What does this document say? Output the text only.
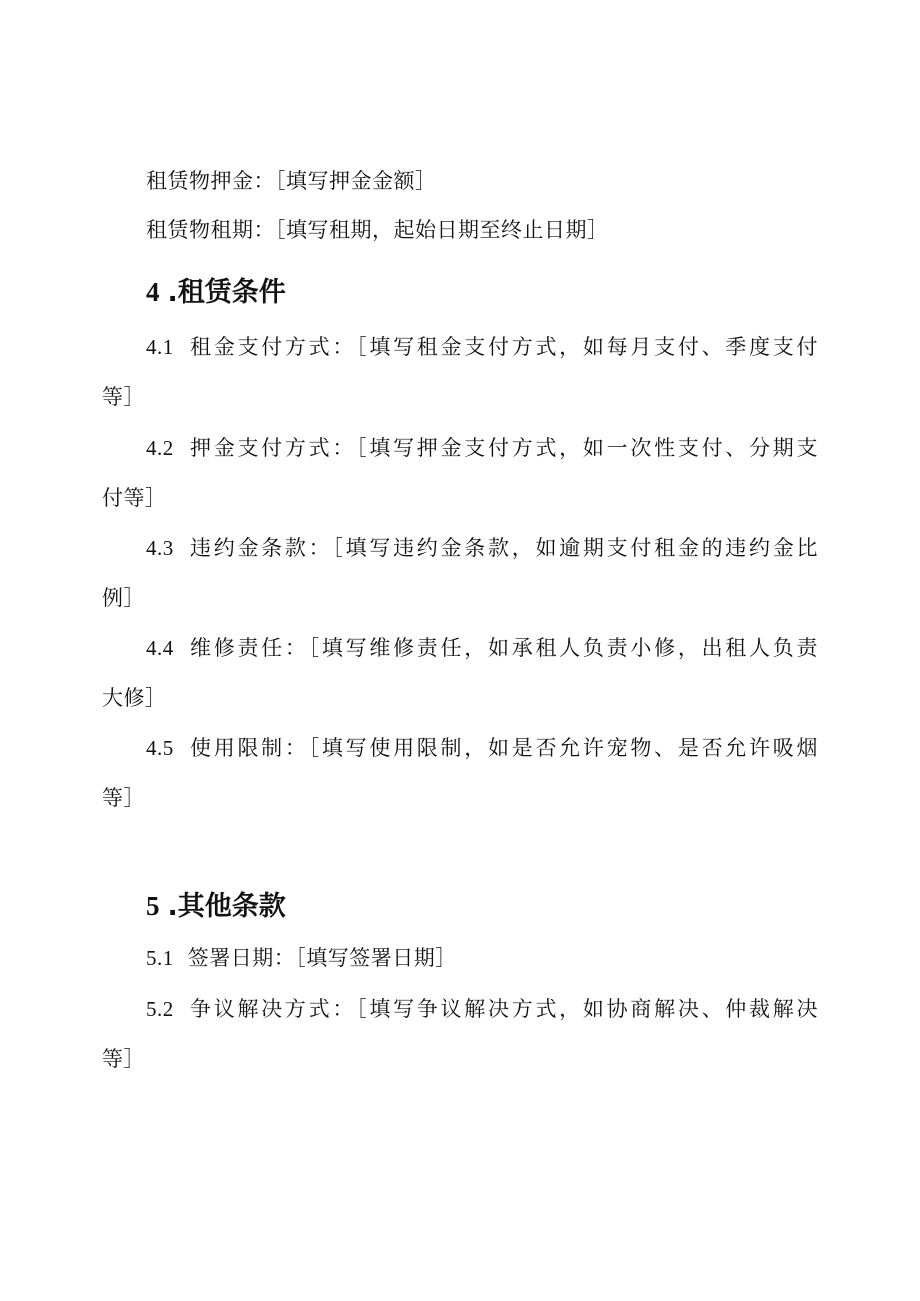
租赁物押金：［填写押金金额］
租赁物租期：［填写租期，起始日期至终止日期］
4 .租赁条件
4.1 租金支付方式：［填写租金支付方式，如每月支付、季度支付
等］
4.2 押金支付方式：［填写押金支付方式，如一次性支付、分期支
付等］
4.3 违约金条款：［填写违约金条款，如逾期支付租金的违约金比
例］
4.4 维修责任：［填写维修责任，如承租人负责小修，出租人负责
大修］
4.5 使用限制：［填写使用限制，如是否允许宠物、是否允许吸烟
等］
5 .其他条款
5.1 签署日期：［填写签署日期］
5.2 争议解决方式：［填写争议解决方式，如协商解决、仲裁解决
等］
